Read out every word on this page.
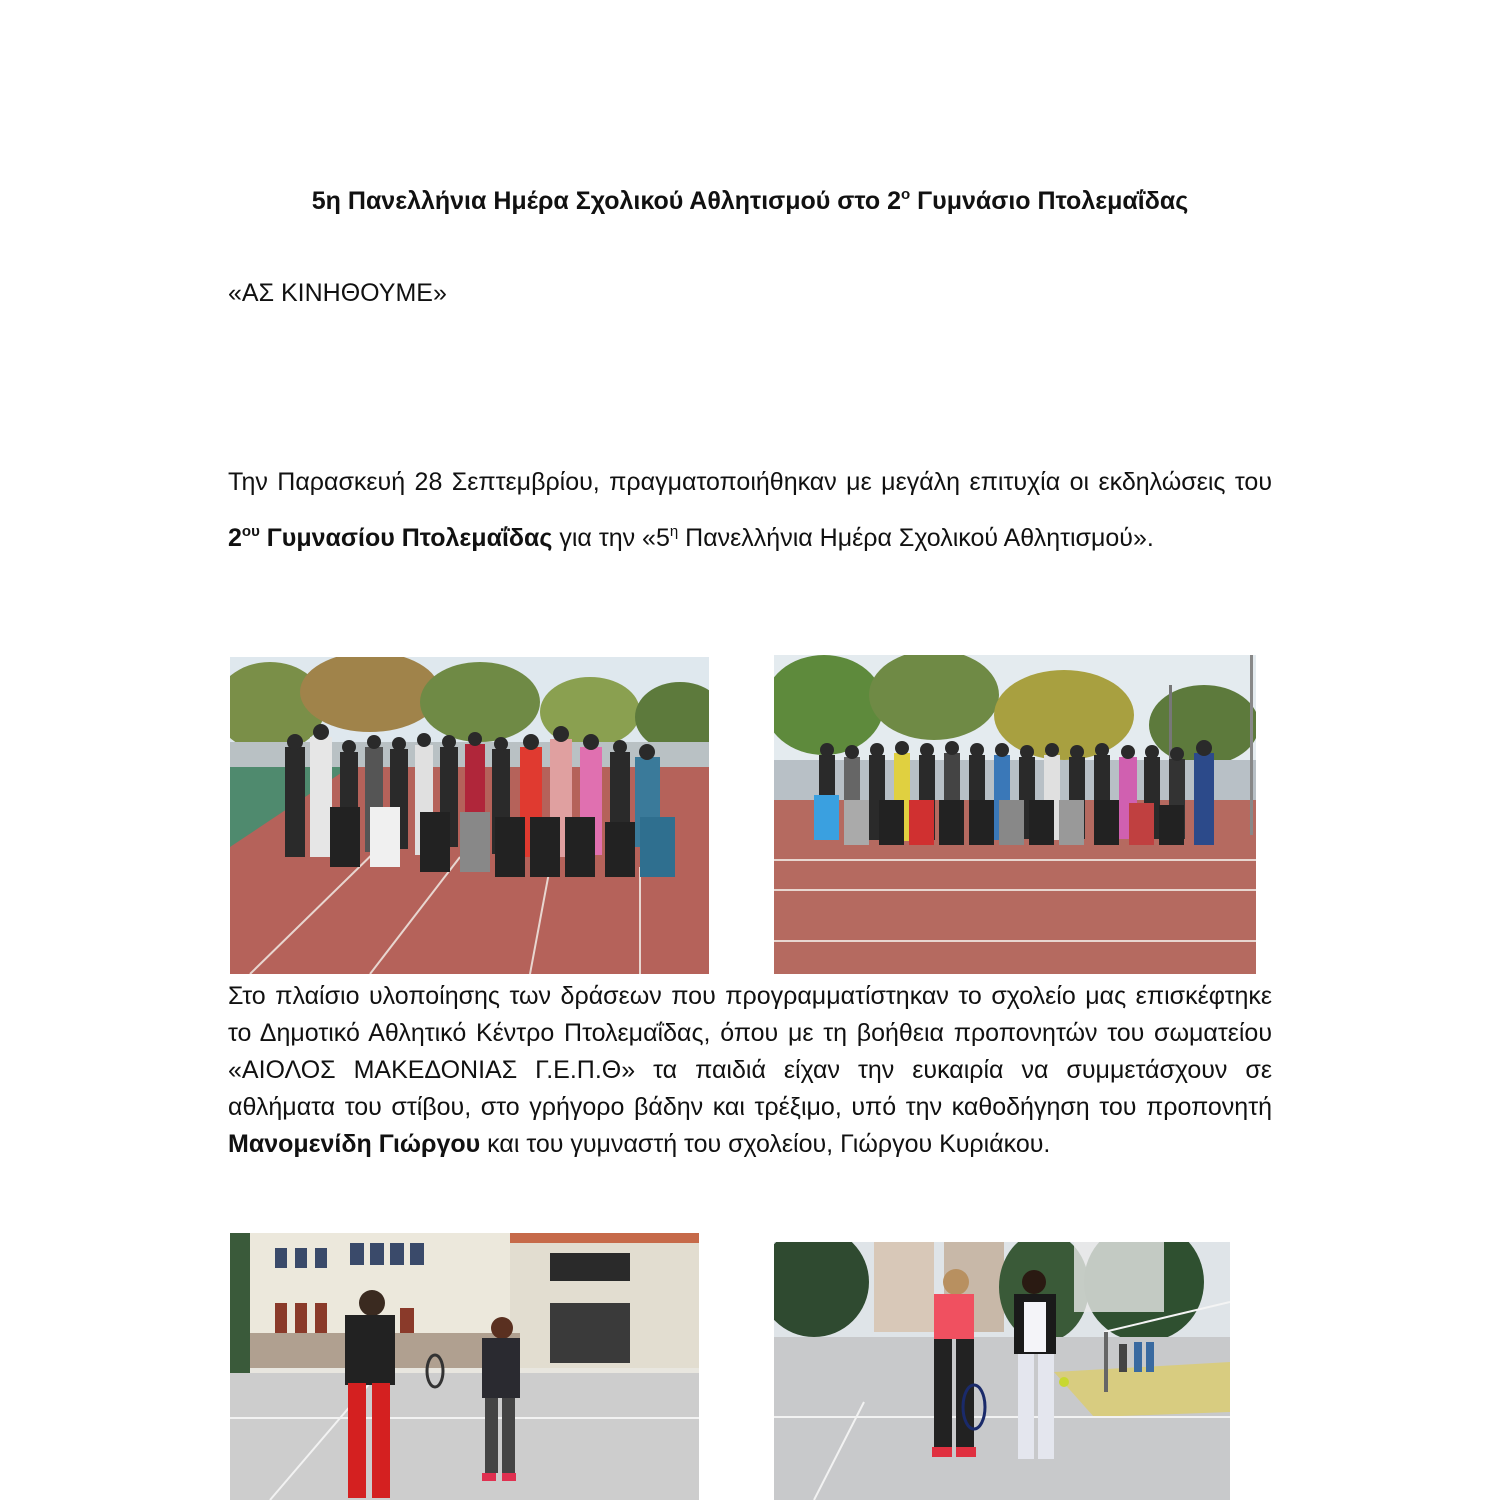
5η Πανελλήνια Ημέρα Σχολικού Αθλητισμού στο $2^o$ Γυμνάσιο Πτολεμαΐδας
«ΑΣ ΚΙΝΗΘΟΥΜΕ»
Την Παρασκευή 28 Σεπτεμβρίου, πραγματοποιήθηκαν με μεγάλη επιτυχία οι εκδηλώσεις του $2^{o\upsilon}$ Γυμνασίου Πτολεμαΐδας για την «$5^\eta$ Πανελλήνια Ημέρα Σχολικού Αθλητισμού».
Στο πλαίσιο υλοποίησης των δράσεων που προγραμματίστηκαν το σχολείο μας επισκέφτηκε το Δημοτικό Αθλητικό Κέντρο Πτολεμαΐδας, όπου με τη βοήθεια προπονητών του σωματείου «ΑΙΟΛΟΣ ΜΑΚΕΔΟΝΙΑΣ Γ.Ε.Π.Θ» τα παιδιά είχαν την ευκαιρία να συμμετάσχουν σε αθλήματα του στίβου, στο γρήγορο βάδην και τρέξιμο, υπό την καθοδήγηση του προπονητή Μανομενίδη Γιώργου και του γυμναστή του σχολείου, Γιώργου Κυριάκου.
